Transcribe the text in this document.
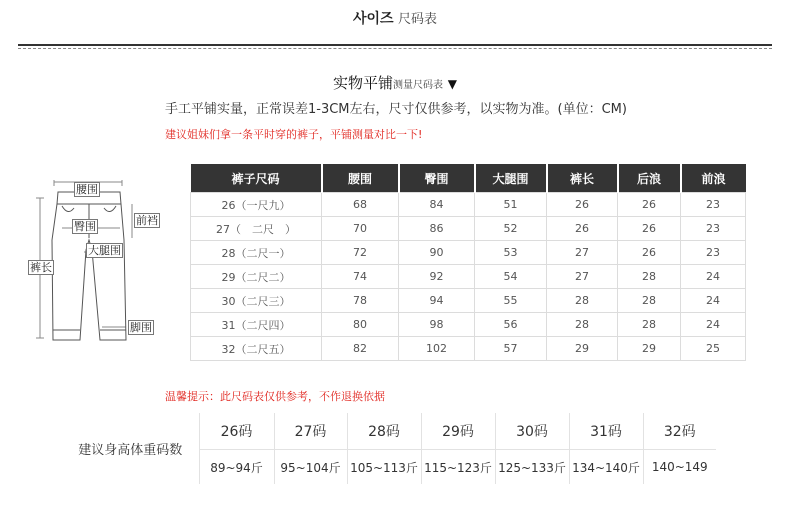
사이즈 尺码表
实物平铺测量尺码表 ▼
手工平铺实量，正常误差1-3CM左右，尺寸仅供参考，以实物为准。(单位：CM)
建议姐妹们拿一条平时穿的裤子，平铺测量对比一下!
腰围
前裆
臀围
大腿围
裤长
脚围
裤子尺码	腰围	臀围	大腿围	裤长	后浪	前浪
26（一尺九）	68	84	51	26	26	23
27（　二尺　）	70	86	52	26	26	23
28（二尺一）	72	90	53	27	26	23
29（二尺二）	74	92	54	27	28	24
30（二尺三）	78	94	55	28	28	24
31（二尺四）	80	98	56	28	28	24
32（二尺五）	82	102	57	29	29	25
温馨提示：此尺码表仅供参考，不作退换依据
建议身高体重码数	26码	27码	28码	29码	30码	31码	32码
	89~94斤	95~104斤	105~113斤	115~123斤	125~133斤	134~140斤	140~149
